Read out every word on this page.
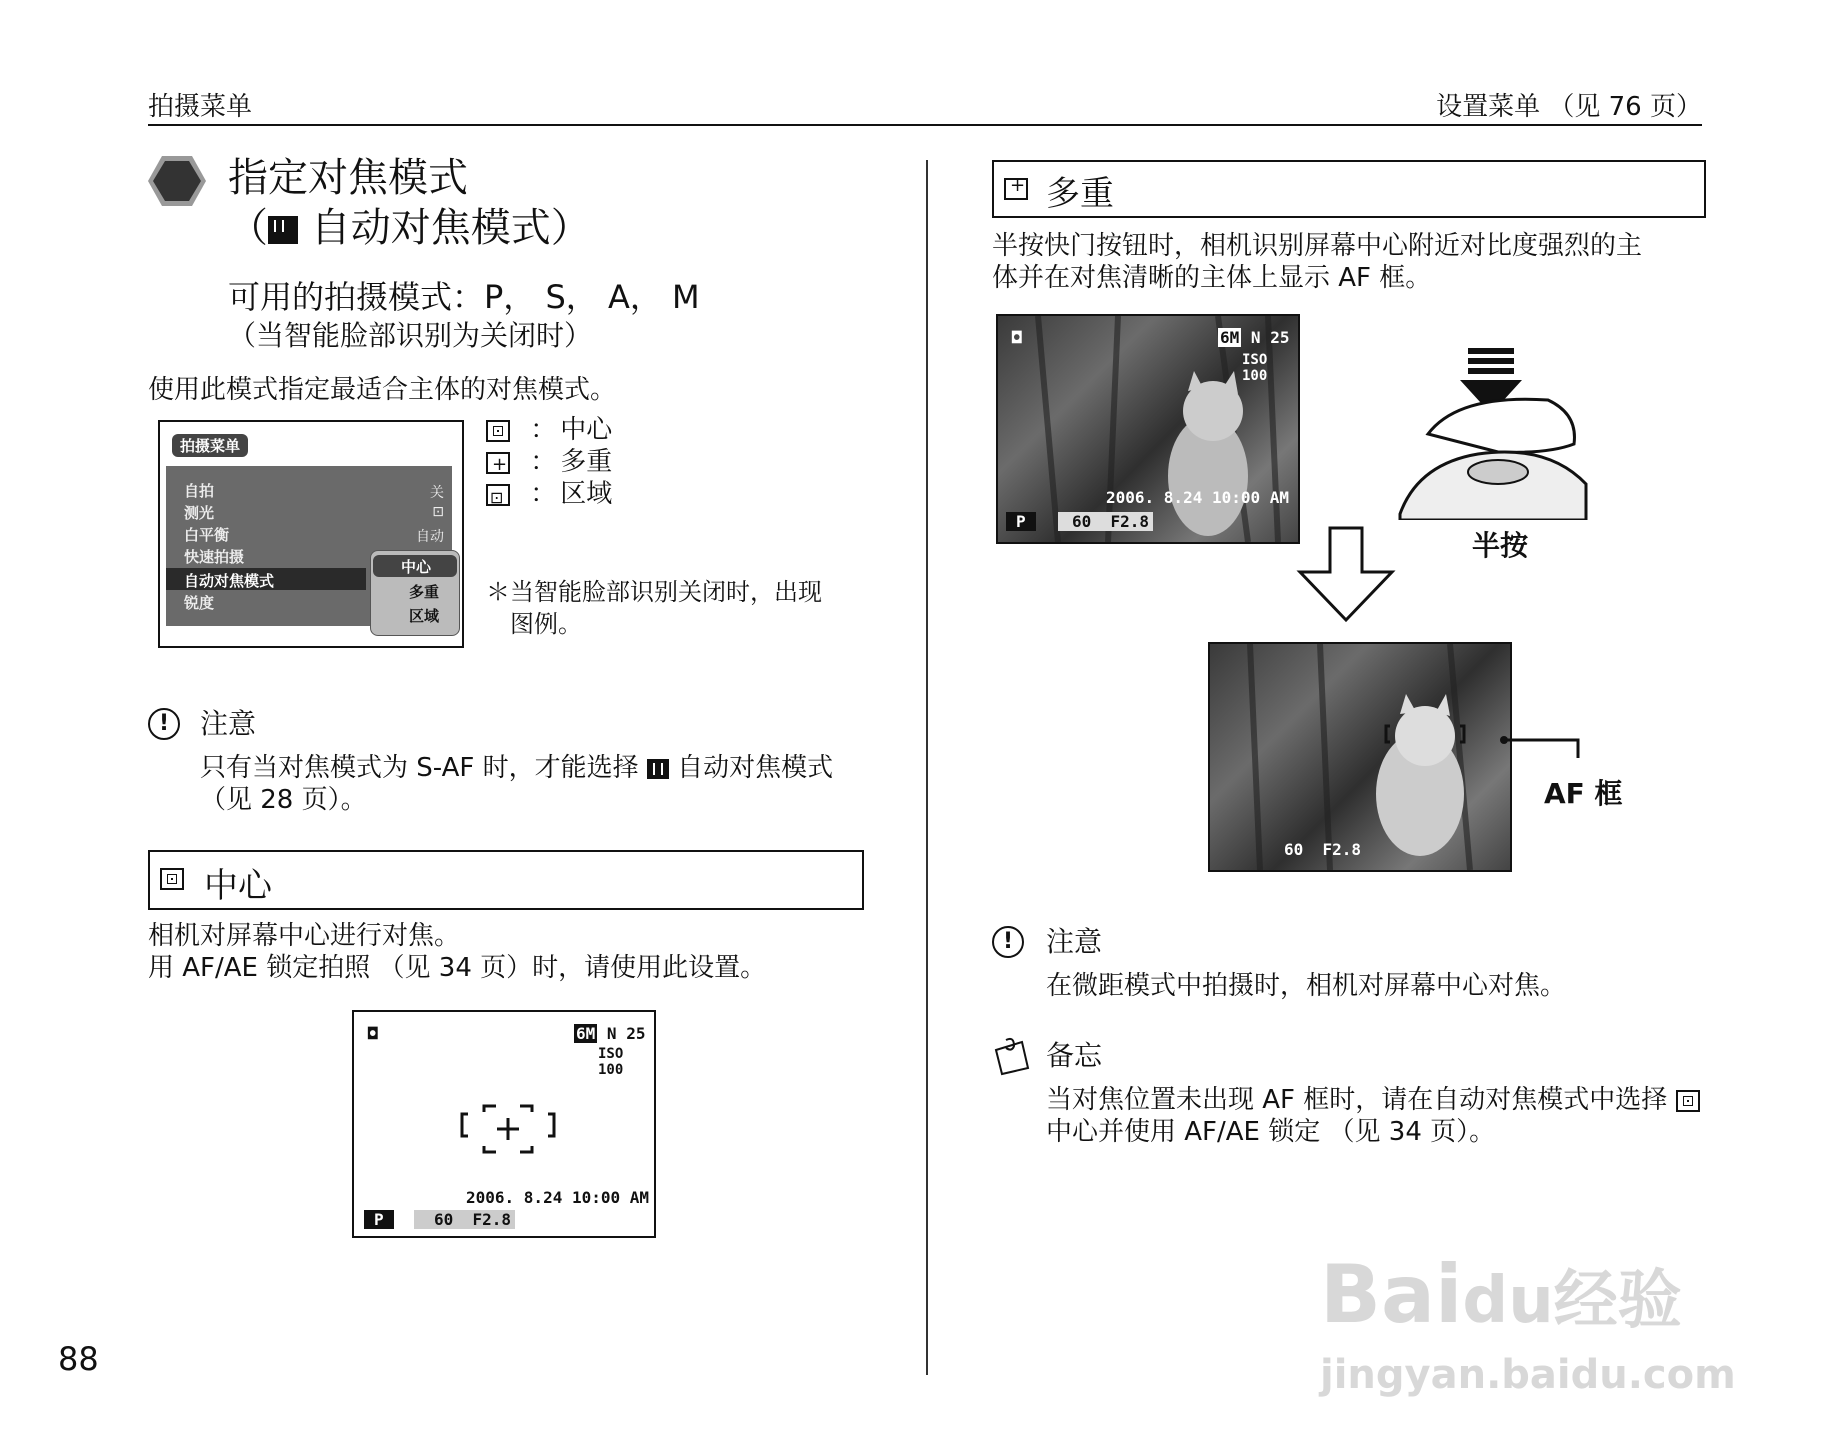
拍摄菜单	设置菜单 （见 76 页）
指定对焦模式
（ 自动对焦模式）
可用的拍摄模式：P， S， A， M
（当智能脸部识别为关闭时）
使用此模式指定最适合主体的对焦模式。
拍摄菜单
自拍	关
测光	⊡
白平衡	自动
快速拍摄
自动对焦模式
锐度
中心
多重
区域
： 中心
+ ： 多重
⊡ ： 区域
＊当智能脸部识别关闭时，出现
图例。
!	注意
只有当对焦模式为 S-AF 时，才能选择  自动对焦模式
（见 28 页）。
中心
相机对屏幕中心进行对焦。
用 AF/AE 锁定拍照 （见 34 页）时，请使用此设置。
◘	6M N 25
ISO 100
2006. 8.24 10:00 AM
P	60 F2.8
88
+
多重
半按快门按钮时，相机识别屏幕中心附近对比度强烈的主
体并在对焦清晰的主体上显示 AF 框。
◘	6M N 25
ISO 100
2006. 8.24 10:00 AM
P	60 F2.8
半按
60 F2.8
AF 框
!	注意
在微距模式中拍摄时，相机对屏幕中心对焦。
备忘
当对焦位置未出现 AF 框时，请在自动对焦模式中选择
中心并使用 AF/AE 锁定 （见 34 页）。
Baidu经验
jingyan.baidu.com
